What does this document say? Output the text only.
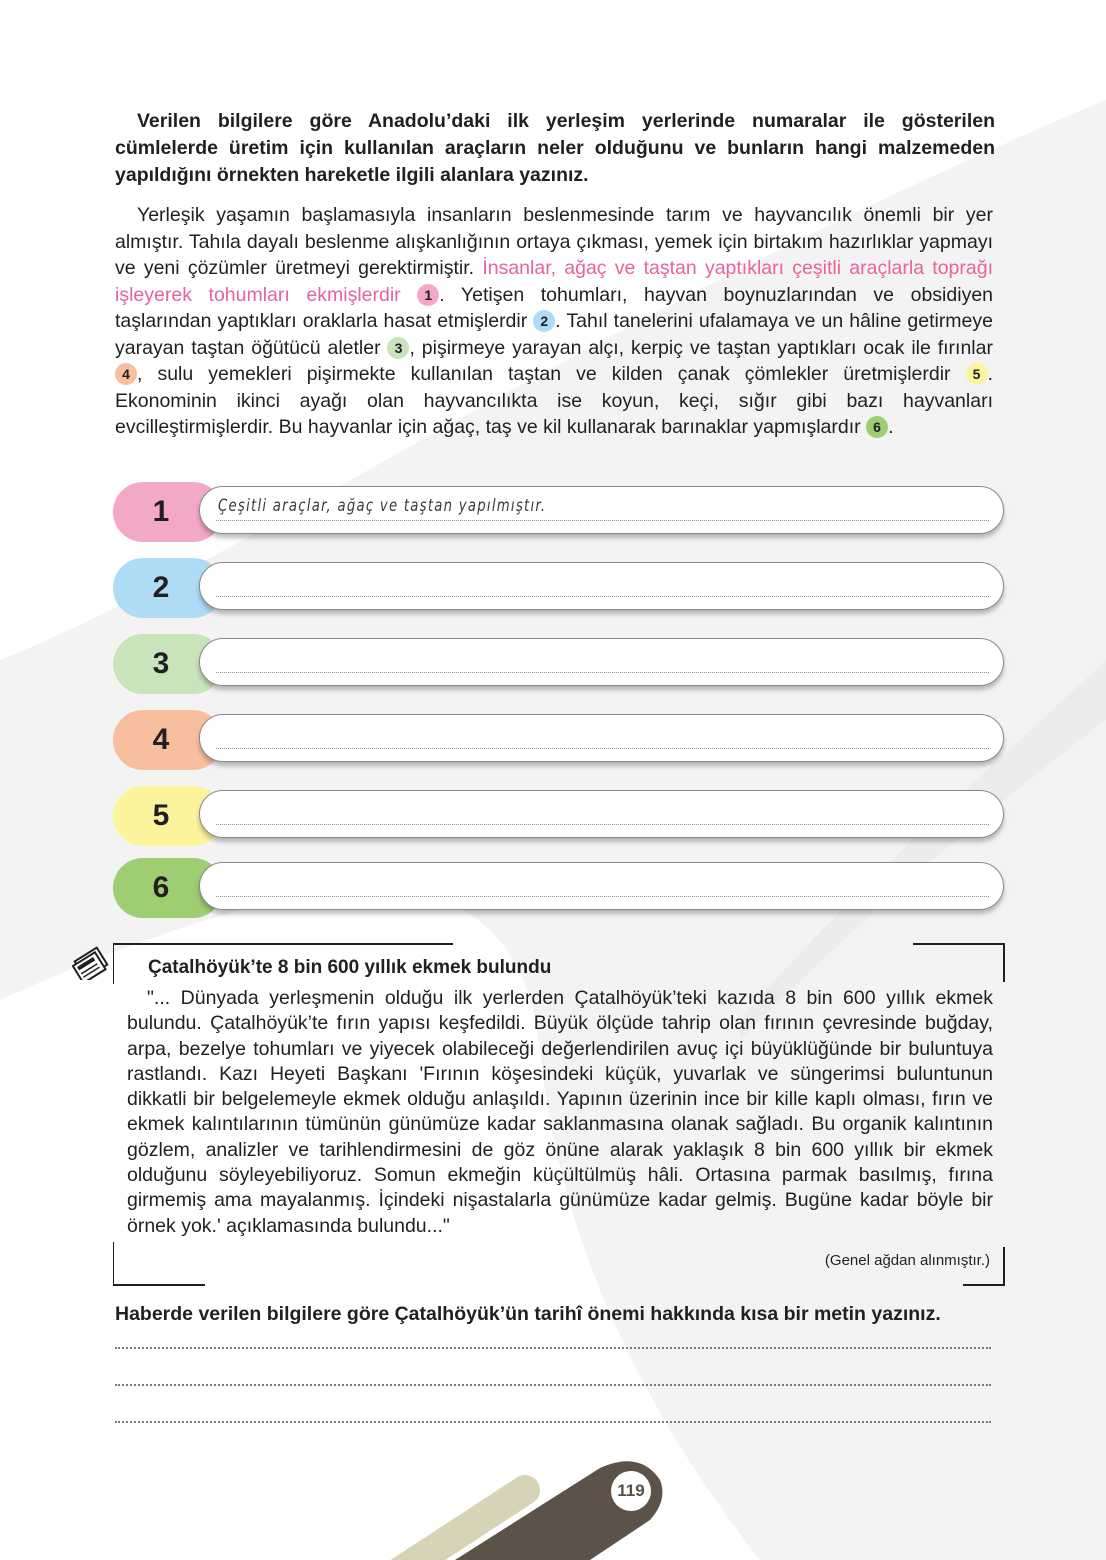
Verilen bilgilere göre Anadolu’daki ilk yerleşim yerlerinde numaralar ile gösterilen cümlelerde üretim için kullanılan araçların neler olduğunu ve bunların hangi malzemeden yapıldığını örnekten hareketle ilgili alanlara yazınız.

Yerleşik yaşamın başlamasıyla insanların beslenmesinde tarım ve hayvancılık önemli bir yer almıştır. Tahıla dayalı beslenme alışkanlığının ortaya çıkması, yemek için birtakım hazırlıklar yapmayı ve yeni çözümler üretmeyi gerektirmiştir. İnsanlar, ağaç ve taştan yaptıkları çeşitli araçlarla toprağı işleyerek tohumları ekmişlerdir 1 . Yetişen tohumları, hayvan boynuzlarından ve obsidiyen taşlarından yaptıkları oraklarla hasat etmişlerdir 2 . Tahıl tanelerini ufalamaya ve un hâline getirmeye yarayan taştan öğütücü aletler 3 , pişirmeye yarayan alçı, kerpiç ve taştan yaptıkları ocak ile fırınlar 4 , sulu yemekleri pişirmekte kullanılan taştan ve kilden çanak çömlekler üretmişlerdir 5 . Ekonominin ikinci ayağı olan hayvancılıkta ise koyun, keçi, sığır gibi bazı hayvanları evcilleştirmişlerdir. Bu hayvanlar için ağaç, taş ve kil kullanarak barınaklar yapmışlardır 6 .

1	Çeşitli araçlar, ağaç ve taştan yapılmıştır.
2
3
4
5
6

Çatalhöyük’te 8 bin 600 yıllık ekmek bulundu

"... Dünyada yerleşmenin olduğu ilk yerlerden Çatalhöyük’teki kazıda 8 bin 600 yıllık ekmek bulundu. Çatalhöyük’te fırın yapısı keşfedildi. Büyük ölçüde tahrip olan fırının çevresinde buğday, arpa, bezelye tohumları ve yiyecek olabileceği değerlendirilen avuç içi büyüklüğünde bir buluntuya rastlandı. Kazı Heyeti Başkanı 'Fırının köşesindeki küçük, yuvarlak ve süngerimsi buluntunun dikkatli bir belgelemeyle ekmek olduğu anlaşıldı. Yapının üzerinin ince bir kille kaplı olması, fırın ve ekmek kalıntılarının tümünün günümüze kadar saklanmasına olanak sağladı. Bu organik kalıntının gözlem, analizler ve tarihlendirmesini de göz önüne alarak yaklaşık 8 bin 600 yıllık bir ekmek olduğunu söyleyebiliyoruz. Somun ekmeğin küçültülmüş hâli. Ortasına parmak basılmış, fırına girmemiş ama mayalanmış. İçindeki nişastalarla günümüze kadar gelmiş. Bugüne kadar böyle bir örnek yok.' açıklamasında bulundu..."

(Genel ağdan alınmıştır.)

Haberde verilen bilgilere göre Çatalhöyük’ün tarihî önemi hakkında kısa bir metin yazınız.

119
